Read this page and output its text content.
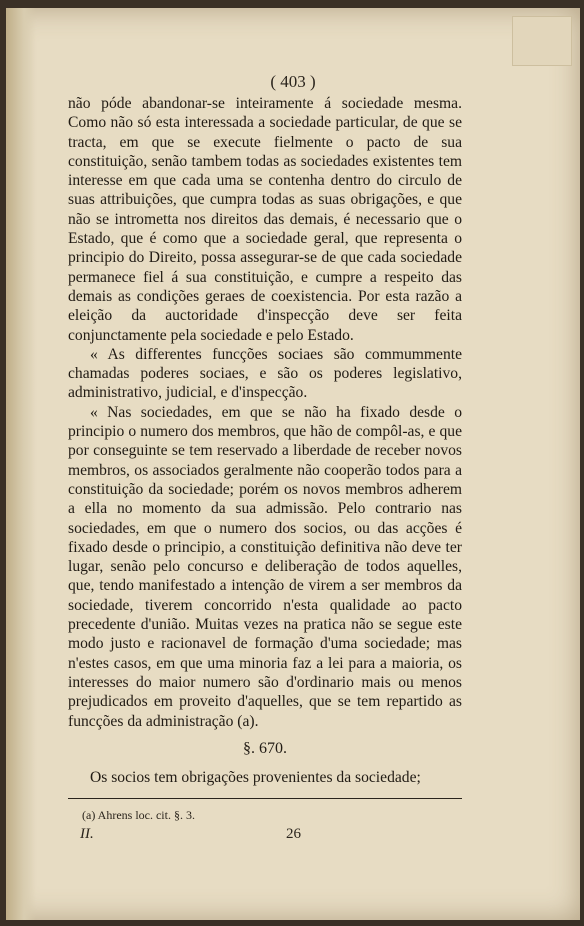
( 403 )

não póde abandonar-se inteiramente á sociedade mesma. Como não só esta interessada a sociedade particular, de que se tracta, em que se execute fielmente o pacto de sua constituição, senão tambem todas as sociedades existentes tem interesse em que cada uma se contenha dentro do circulo de suas attribuições, que cumpra todas as suas obrigações, e que não se intrometta nos direitos das demais, é necessario que o Estado, que é como que a sociedade geral, que representa o principio do Direito, possa assegurar-se de que cada sociedade permanece fiel á sua constituição, e cumpre a respeito das demais as condições geraes de coexistencia. Por esta razão a eleição da auctoridade d'inspecção deve ser feita conjunctamente pela sociedade e pelo Estado.

« As differentes funcções sociaes são commummente chamadas poderes sociaes, e são os poderes legislativo, administrativo, judicial, e d'inspecção.

« Nas sociedades, em que se não ha fixado desde o principio o numero dos membros, que hão de compôl-as, e que por conseguinte se tem reservado a liberdade de receber novos membros, os associados geralmente não cooperão todos para a constituição da sociedade; porém os novos membros adherem a ella no momento da sua admissão. Pelo contrario nas sociedades, em que o numero dos socios, ou das acções é fixado desde o principio, a constituição definitiva não deve ter lugar, senão pelo concurso e deliberação de todos aquelles, que, tendo manifestado a intenção de virem a ser membros da sociedade, tiverem concorrido n'esta qualidade ao pacto precedente d'união. Muitas vezes na pratica não se segue este modo justo e racionavel de formação d'uma sociedade; mas n'estes casos, em que uma minoria faz a lei para a maioria, os interesses do maior numero são d'ordinario mais ou menos prejudicados em proveito d'aquelles, que se tem repartido as funcções da administração (a).

§. 670.

Os socios tem obrigações provenientes da sociedade;

(a) Ahrens loc. cit. §. 3.
II.	26
